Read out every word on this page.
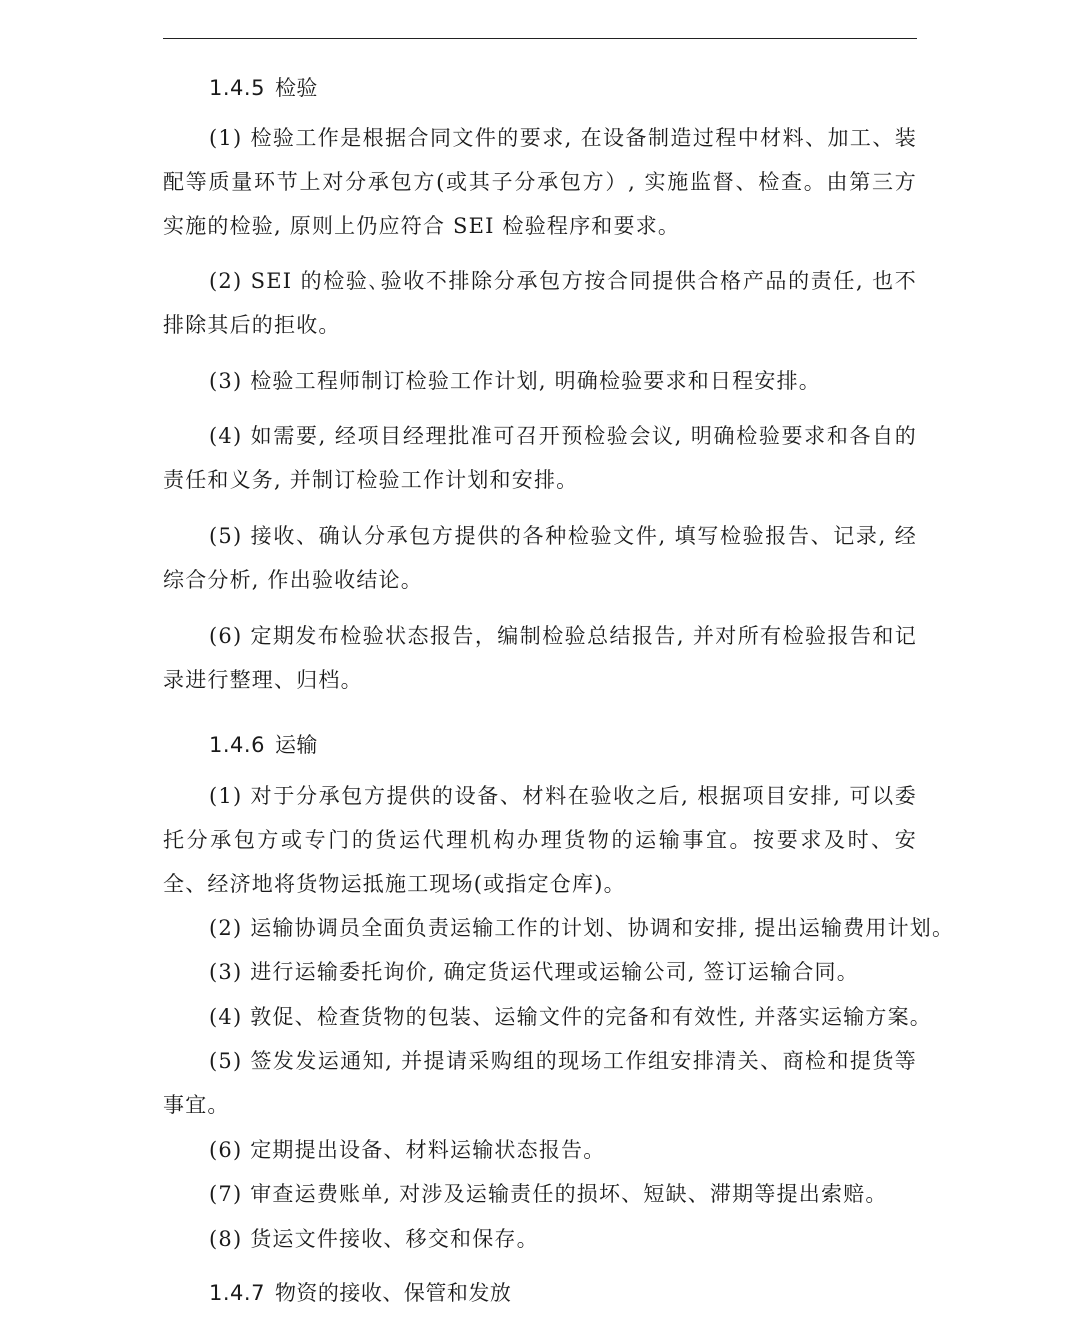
1.4.5 检验

(1) 检验工作是根据合同文件的要求, 在设备制造过程中材料、加工、装配等质量环节上对分承包方(或其子分承包方）, 实施监督、检查。由第三方实施的检验, 原则上仍应符合 SEI 检验程序和要求。

(2) SEI 的检验､验收不排除分承包方按合同提供合格产品的责任, 也不排除其后的拒收。

(3) 检验工程师制订检验工作计划, 明确检验要求和日程安排。

(4) 如需要, 经项目经理批准可召开预检验会议, 明确检验要求和各自的责任和义务, 并制订检验工作计划和安排。

(5) 接收、确认分承包方提供的各种检验文件, 填写检验报告、记录, 经综合分析, 作出验收结论。

(6) 定期发布检验状态报告，编制检验总结报告, 并对所有检验报告和记录进行整理、归档。

1.4.6 运输

(1) 对于分承包方提供的设备、材料在验收之后, 根据项目安排, 可以委托分承包方或专门的货运代理机构办理货物的运输事宜。按要求及时、安全、经济地将货物运抵施工现场(或指定仓库)。

(2) 运输协调员全面负责运输工作的计划、协调和安排, 提出运输费用计划。

(3) 进行运输委托询价, 确定货运代理或运输公司, 签订运输合同。

(4) 敦促、检查货物的包装、运输文件的完备和有效性, 并落实运输方案。

(5) 签发发运通知, 并提请采购组的现场工作组安排清关、商检和提货等事宜。

(6) 定期提出设备、材料运输状态报告。

(7) 审查运费账单, 对涉及运输责任的损坏、短缺、滞期等提出索赔。

(8) 货运文件接收、移交和保存。

1.4.7 物资的接收、保管和发放
